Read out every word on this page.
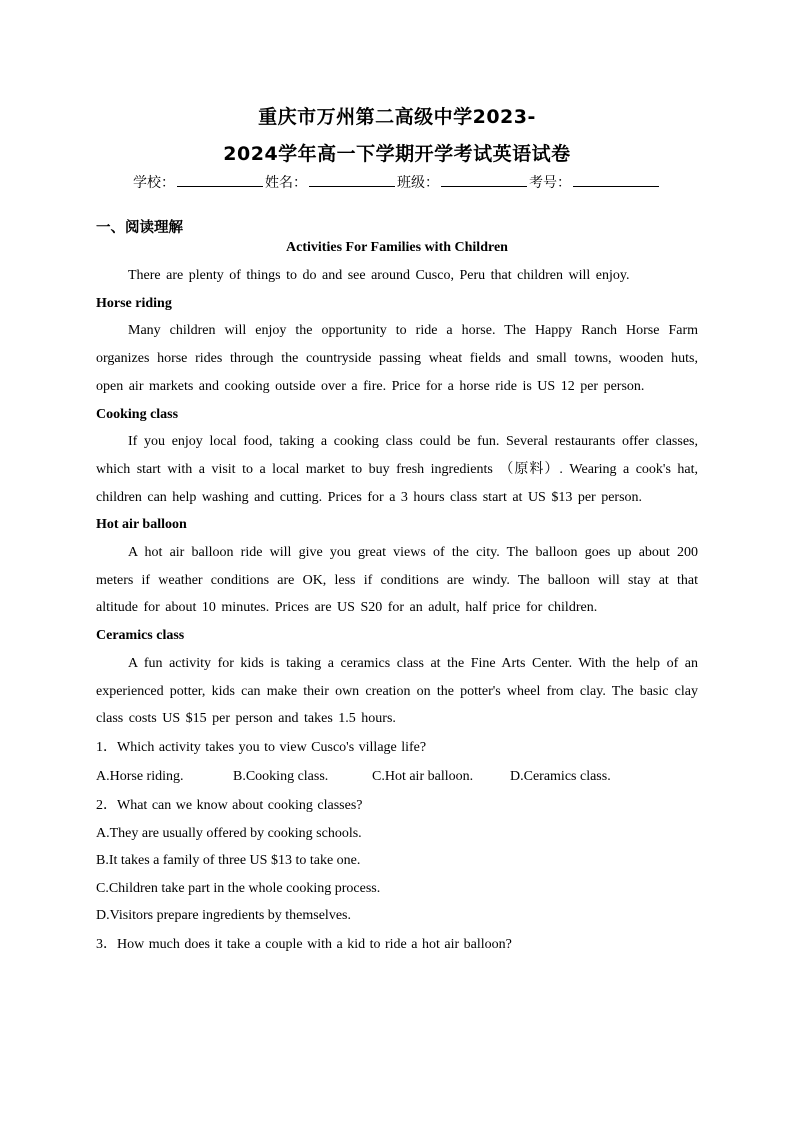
重庆市万州第二高级中学2023-
2024学年高一下学期开学考试英语试卷
学校：	姓名：	班级：	考号：
一、阅读理解
Activities For Families with Children

There are plenty of things to do and see around Cusco, Peru that children will enjoy.

Horse riding

Many children will enjoy the opportunity to ride a horse. The Happy Ranch Horse Farm organizes horse rides through the countryside passing wheat fields and small towns, wooden huts, open air markets and cooking outside over a fire. Price for a horse ride is US 12 per person.

Cooking class

If you enjoy local food, taking a cooking class could be fun. Several restaurants offer classes, which start with a visit to a local market to buy fresh ingredients （原料）. Wearing a cook's hat, children can help washing and cutting. Prices for a 3 hours class start at US $13 per person.

Hot air balloon

A hot air balloon ride will give you great views of the city. The balloon goes up about 200 meters if weather conditions are OK, less if conditions are windy. The balloon will stay at that altitude for about 10 minutes. Prices are US S20 for an adult, half price for children.

Ceramics class

A fun activity for kids is taking a ceramics class at the Fine Arts Center. With the help of an experienced potter, kids can make their own creation on the potter's wheel from clay. The basic clay class costs US $15 per person and takes 1.5 hours.

1．Which activity takes you to view Cusco's village life?

A.Horse riding.	B.Cooking class.	C.Hot air balloon.	D.Ceramics class.

2．What can we know about cooking classes?

A.They are usually offered by cooking schools.

B.It takes a family of three US $13 to take one.

C.Children take part in the whole cooking process.

D.Visitors prepare ingredients by themselves.

3．How much does it take a couple with a kid to ride a hot air balloon?
